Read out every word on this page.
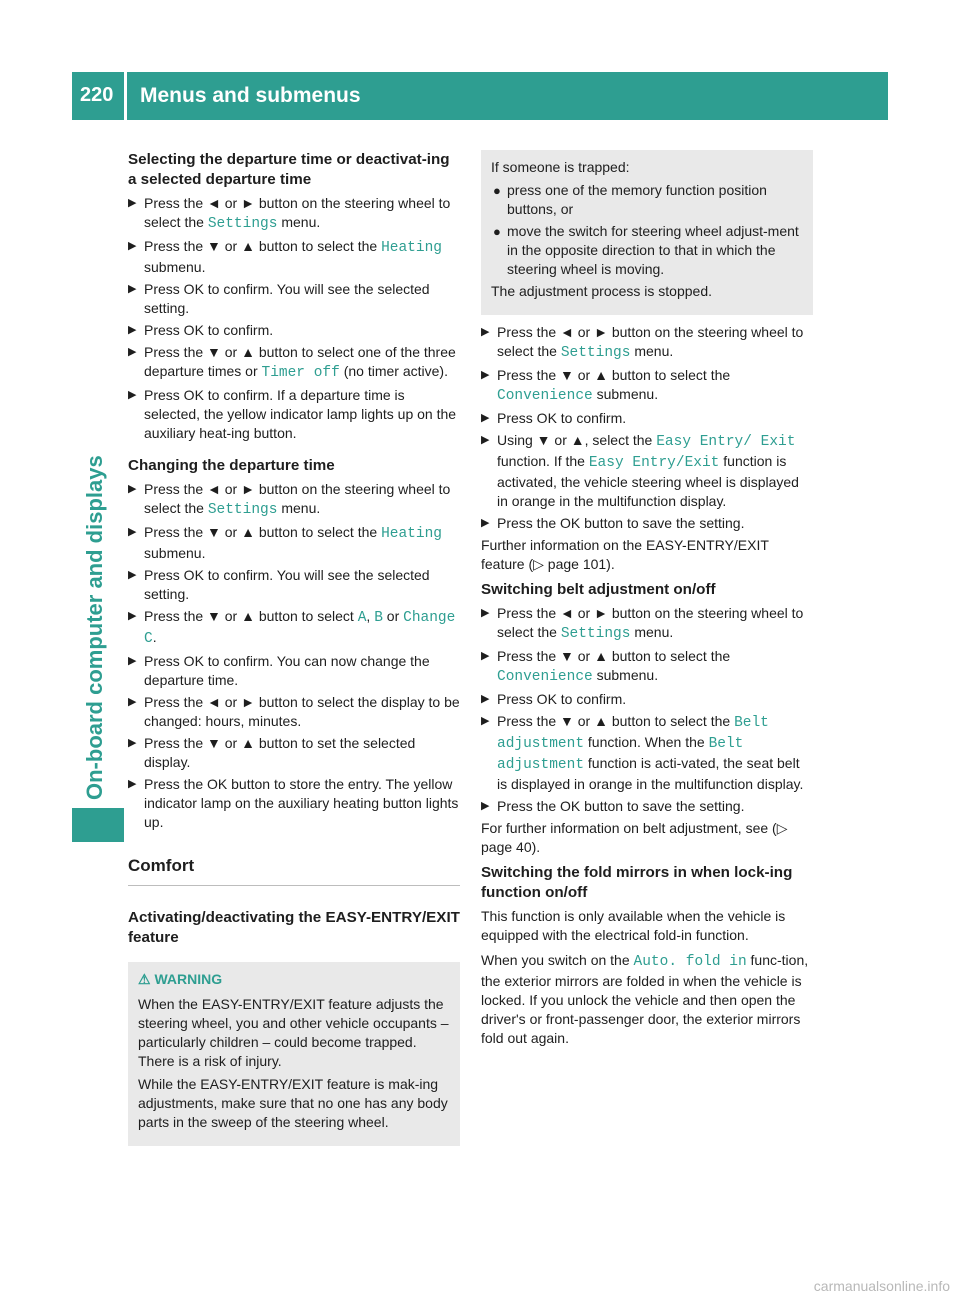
220 Menus and submenus
On-board computer and displays
Selecting the departure time or deactivat-ing a selected departure time
▶ Press the ◄ or ► button on the steering wheel to select the Settings menu.
▶ Press the ▼ or ▲ button to select the Heating submenu.
▶ Press OK to confirm. You will see the selected setting.
▶ Press OK to confirm.
▶ Press the ▼ or ▲ button to select one of the three departure times or Timer off (no timer active).
▶ Press OK to confirm. If a departure time is selected, the yellow indicator lamp lights up on the auxiliary heat-ing button.
Changing the departure time
▶ Press the ◄ or ► button on the steering wheel to select the Settings menu.
▶ Press the ▼ or ▲ button to select the Heating submenu.
▶ Press OK to confirm. You will see the selected setting.
▶ Press the ▼ or ▲ button to select A, B or Change C.
▶ Press OK to confirm. You can now change the departure time.
▶ Press the ◄ or ► button to select the display to be changed: hours, minutes.
▶ Press the ▼ or ▲ button to set the selected display.
▶ Press the OK button to store the entry. The yellow indicator lamp on the auxiliary heating button lights up.
Comfort
Activating/deactivating the EASY-ENTRY/EXIT feature
⚠ WARNING

When the EASY-ENTRY/EXIT feature adjusts the steering wheel, you and other vehicle occupants – particularly children – could become trapped. There is a risk of injury.

While the EASY-ENTRY/EXIT feature is mak-ing adjustments, make sure that no one has any body parts in the sweep of the steering wheel.

If someone is trapped:

● press one of the memory function position buttons, or
● move the switch for steering wheel adjust-ment in the opposite direction to that in which the steering wheel is moving.

The adjustment process is stopped.

▶ Press the ◄ or ► button on the steering wheel to select the Settings menu.
▶ Press the ▼ or ▲ button to select the Convenience submenu.
▶ Press OK to confirm.
▶ Using ▼ or ▲, select the Easy Entry/ Exit function. If the Easy Entry/Exit function is activated, the vehicle steering wheel is displayed in orange in the multifunction display.
▶ Press the OK button to save the setting.

Further information on the EASY-ENTRY/EXIT feature (▷ page 101).

Switching belt adjustment on/off
▶ Press the ◄ or ► button on the steering wheel to select the Settings menu.
▶ Press the ▼ or ▲ button to select the Convenience submenu.
▶ Press OK to confirm.
▶ Press the ▼ or ▲ button to select the Belt adjustment function. When the Belt adjustment function is acti-vated, the seat belt is displayed in orange in the multifunction display.
▶ Press the OK button to save the setting.

For further information on belt adjustment, see (▷ page 40).

Switching the fold mirrors in when lock-ing function on/off

This function is only available when the vehicle is equipped with the electrical fold-in function.

When you switch on the Auto. fold in func-tion, the exterior mirrors are folded in when the vehicle is locked. If you unlock the vehicle and then open the driver's or front-passenger door, the exterior mirrors fold out again.

carmanualsonline.info
